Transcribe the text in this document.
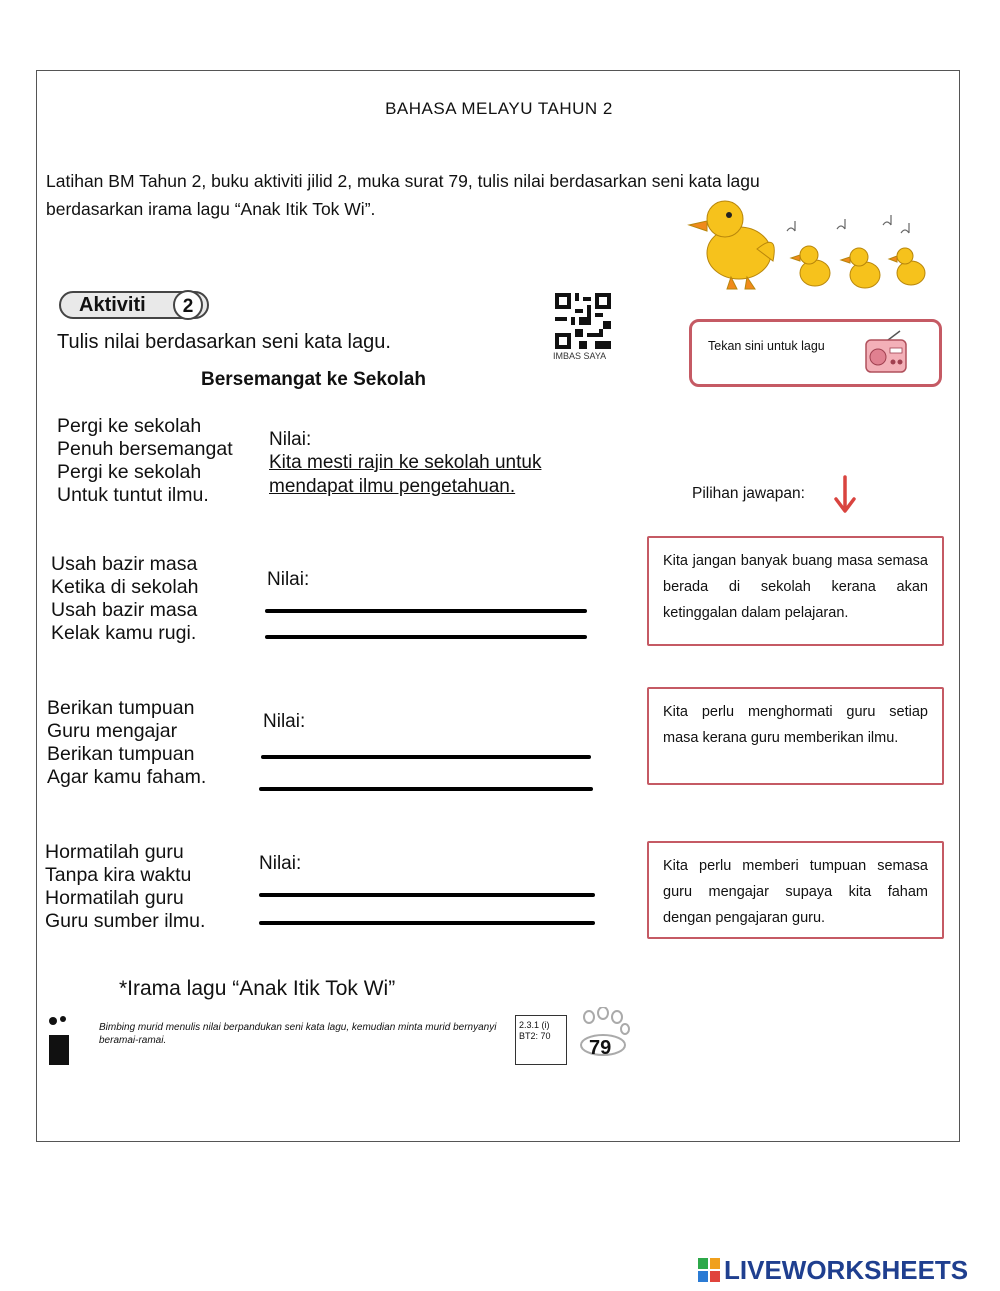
BAHASA MELAYU TAHUN 2
Latihan BM Tahun 2, buku aktiviti jilid 2, muka surat 79, tulis nilai berdasarkan seni kata lagu
berdasarkan irama lagu “Anak Itik Tok Wi”.
Aktiviti	2
Tulis nilai berdasarkan seni kata lagu.
Bersemangat ke Sekolah
IMBAS SAYA
Pergi ke sekolah
Penuh bersemangat
Pergi ke sekolah
Untuk tuntut ilmu.
Nilai:
Kita mesti rajin ke sekolah untuk
mendapat ilmu pengetahuan.
Usah bazir masa
Ketika di sekolah
Usah bazir masa
Kelak kamu rugi.
Nilai:
Berikan tumpuan
Guru mengajar
Berikan tumpuan
Agar kamu faham.
Nilai:
Hormatilah guru
Tanpa kira waktu
Hormatilah guru
Guru sumber ilmu.
Nilai:
Tekan sini untuk lagu
Pilihan jawapan:
Kita jangan banyak buang masa semasa berada di sekolah kerana akan ketinggalan dalam pelajaran.
Kita perlu menghormati guru setiap masa kerana guru memberikan ilmu.
Kita perlu memberi tumpuan semasa guru mengajar supaya kita faham dengan pengajaran guru.
*Irama lagu “Anak Itik Tok Wi”
Bimbing murid menulis nilai berpandukan seni kata lagu, kemudian minta murid bernyanyi beramai-ramai.
2.3.1 (i)
BT2: 70
79
LIVEWORKSHEETS
